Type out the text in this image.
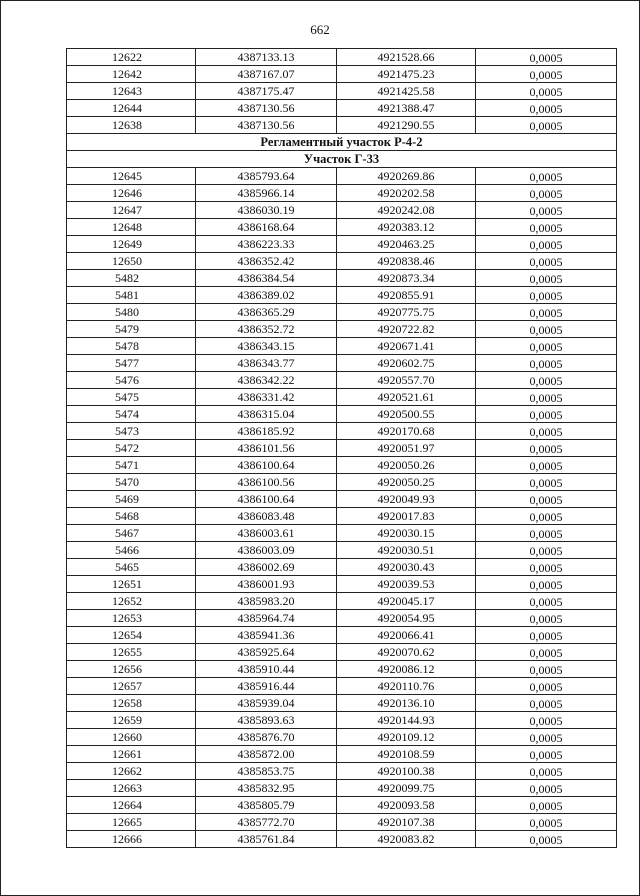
662
12622	4387133.13	4921528.66	0,0005
12642	4387167.07	4921475.23	0,0005
12643	4387175.47	4921425.58	0,0005
12644	4387130.56	4921388.47	0,0005
12638	4387130.56	4921290.55	0,0005
Регламентный участок Р-4-2			
Участок Г-33			
12645	4385793.64	4920269.86	0,0005
12646	4385966.14	4920202.58	0,0005
12647	4386030.19	4920242.08	0,0005
12648	4386168.64	4920383.12	0,0005
12649	4386223.33	4920463.25	0,0005
12650	4386352.42	4920838.46	0,0005
5482	4386384.54	4920873.34	0,0005
5481	4386389.02	4920855.91	0,0005
5480	4386365.29	4920775.75	0,0005
5479	4386352.72	4920722.82	0,0005
5478	4386343.15	4920671.41	0,0005
5477	4386343.77	4920602.75	0,0005
5476	4386342.22	4920557.70	0,0005
5475	4386331.42	4920521.61	0,0005
5474	4386315.04	4920500.55	0,0005
5473	4386185.92	4920170.68	0,0005
5472	4386101.56	4920051.97	0,0005
5471	4386100.64	4920050.26	0,0005
5470	4386100.56	4920050.25	0,0005
5469	4386100.64	4920049.93	0,0005
5468	4386083.48	4920017.83	0,0005
5467	4386003.61	4920030.15	0,0005
5466	4386003.09	4920030.51	0,0005
5465	4386002.69	4920030.43	0,0005
12651	4386001.93	4920039.53	0,0005
12652	4385983.20	4920045.17	0,0005
12653	4385964.74	4920054.95	0,0005
12654	4385941.36	4920066.41	0,0005
12655	4385925.64	4920070.62	0,0005
12656	4385910.44	4920086.12	0,0005
12657	4385916.44	4920110.76	0,0005
12658	4385939.04	4920136.10	0,0005
12659	4385893.63	4920144.93	0,0005
12660	4385876.70	4920109.12	0,0005
12661	4385872.00	4920108.59	0,0005
12662	4385853.75	4920100.38	0,0005
12663	4385832.95	4920099.75	0,0005
12664	4385805.79	4920093.58	0,0005
12665	4385772.70	4920107.38	0,0005
12666	4385761.84	4920083.82	0,0005
